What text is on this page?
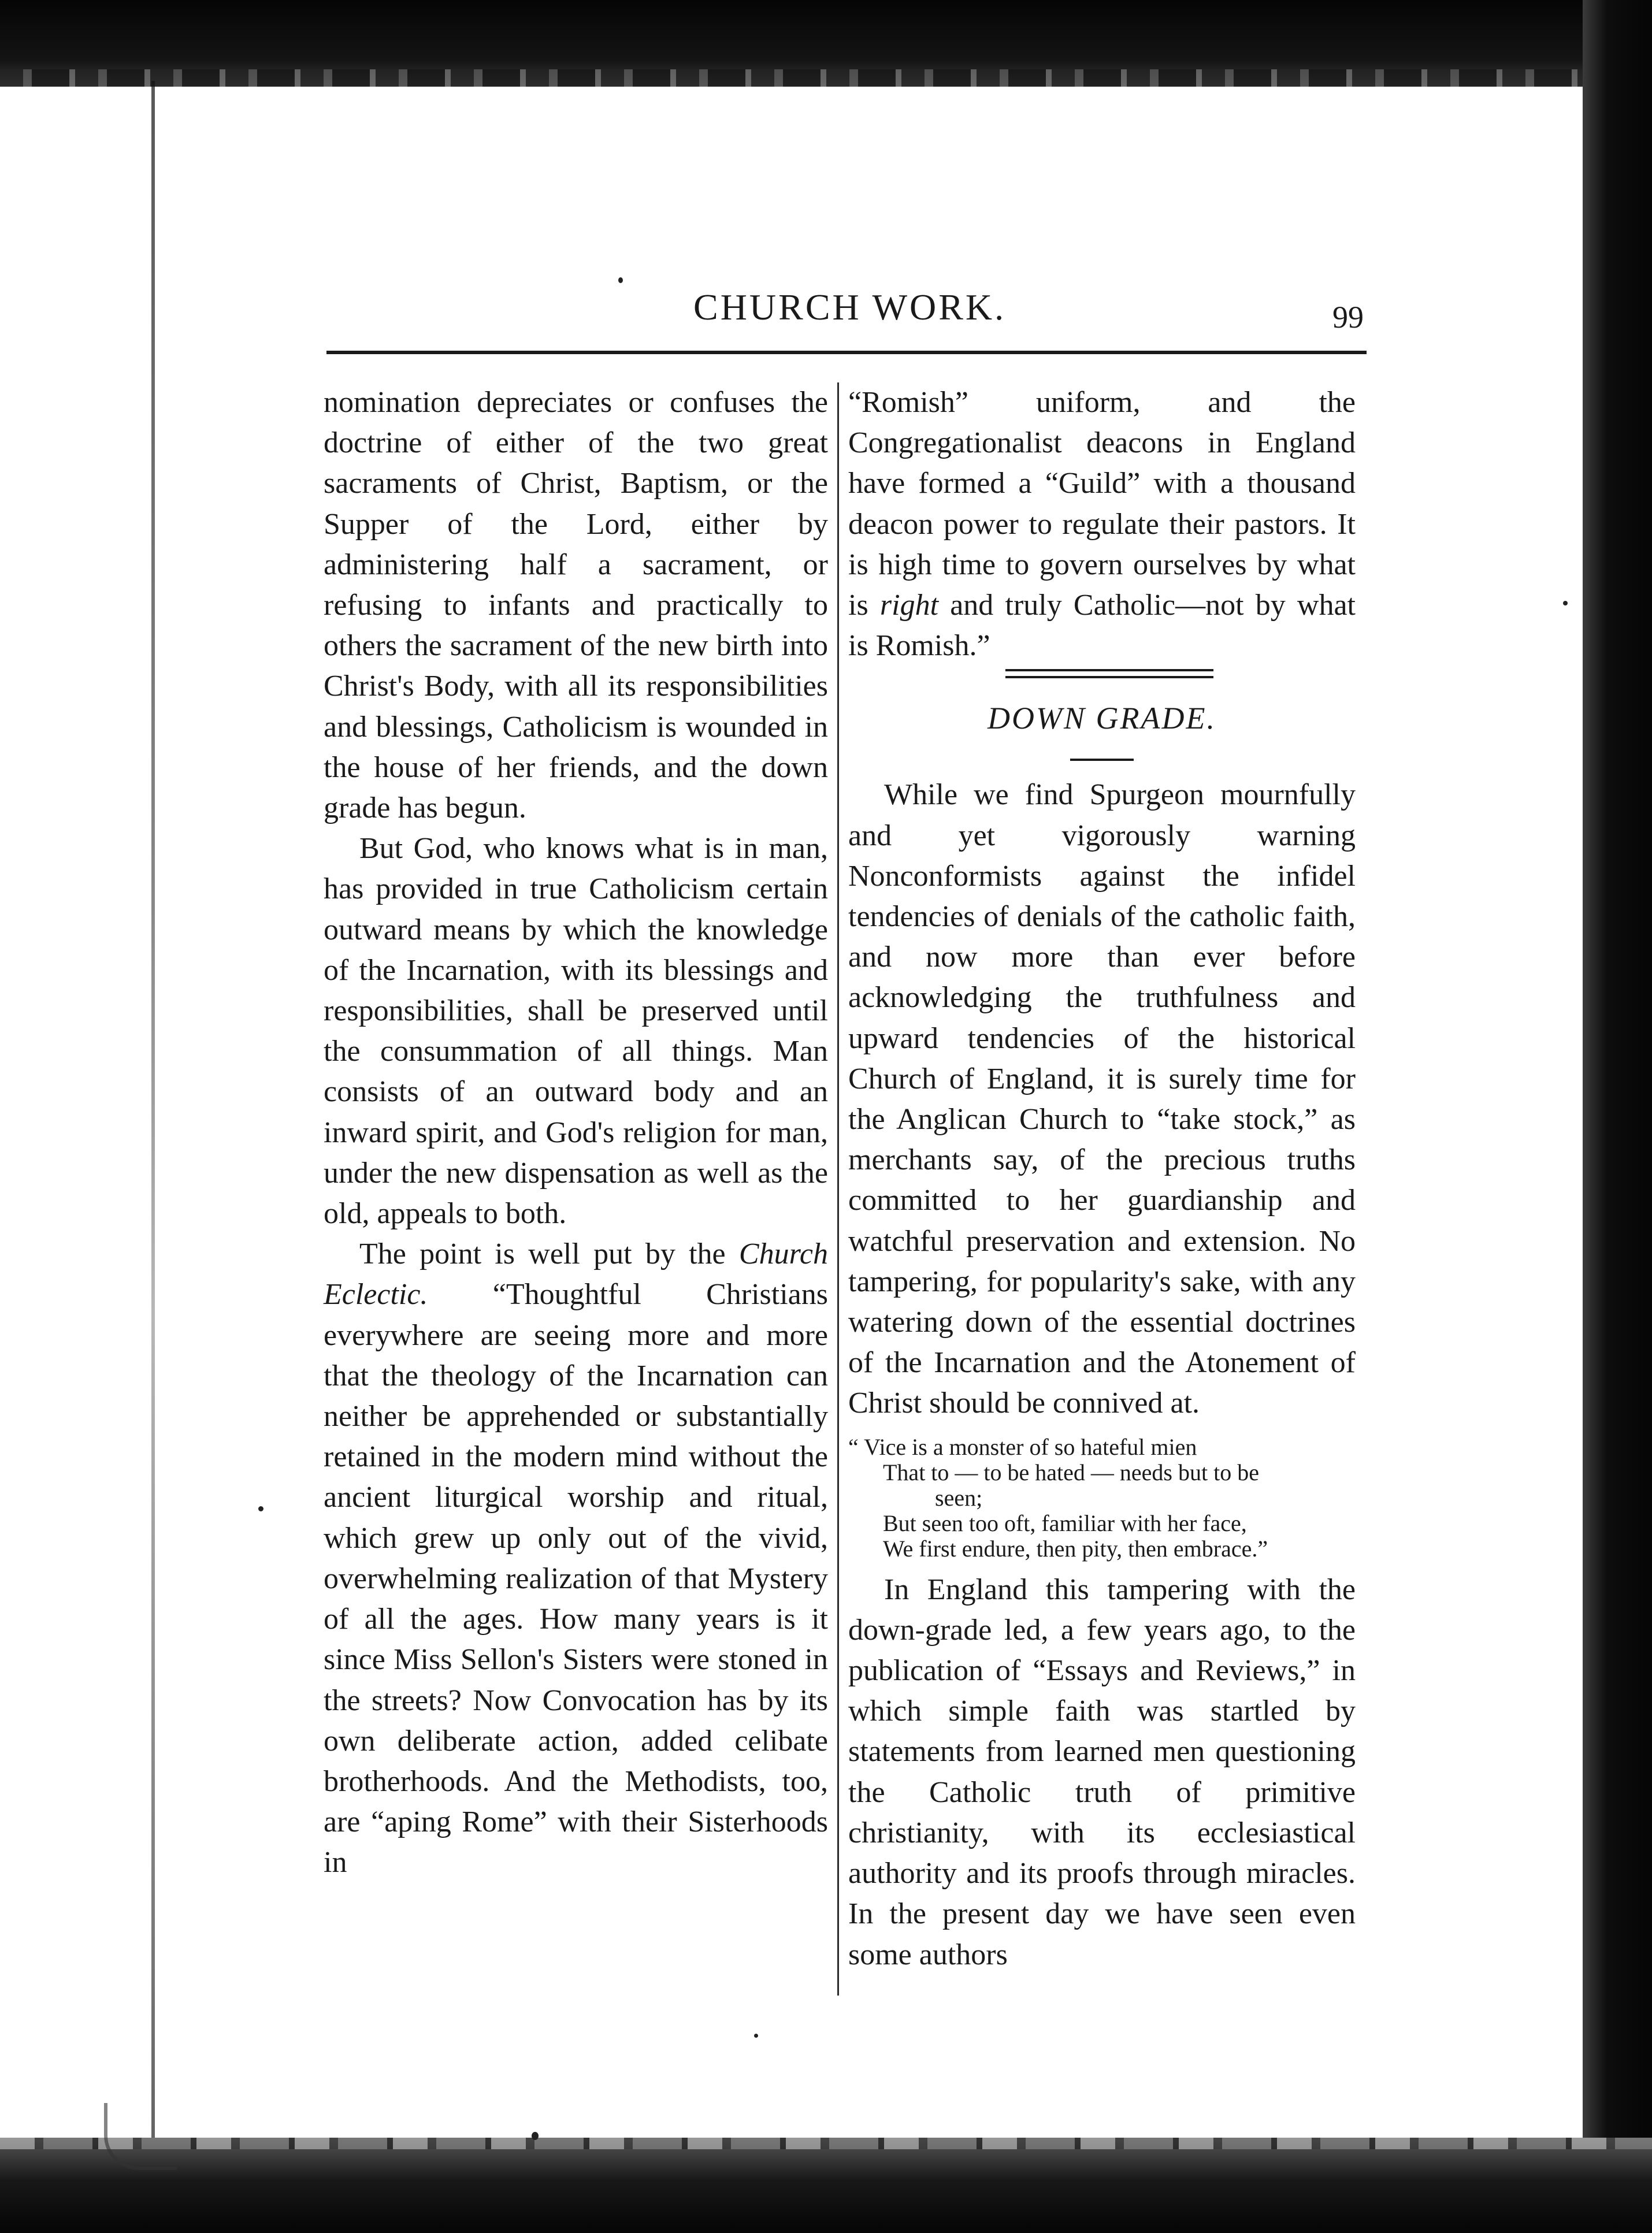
CHURCH WORK.	99

nomination depreciates or confuses the doctrine of either of the two great sacraments of Christ, Baptism, or the Supper of the Lord, either by administering half a sacrament, or refusing to infants and practically to others the sacrament of the new birth into Christ's Body, with all its responsibilities and blessings, Catholicism is wounded in the house of her friends, and the down grade has begun.

But God, who knows what is in man, has provided in true Catholicism certain outward means by which the knowledge of the Incarnation, with its blessings and responsibilities, shall be preserved until the consummation of all things. Man consists of an outward body and an inward spirit, and God's religion for man, under the new dispensation as well as the old, appeals to both.

The point is well put by the Church Eclectic. “Thoughtful Christians everywhere are seeing more and more that the theology of the Incarnation can neither be apprehended or substantially retained in the modern mind without the ancient liturgical worship and ritual, which grew up only out of the vivid, overwhelming realization of that Mystery of all the ages. How many years is it since Miss Sellon's Sisters were stoned in the streets? Now Convocation has by its own deliberate action, added celibate brotherhoods. And the Methodists, too, are “aping Rome” with their Sisterhoods in

“Romish” uniform, and the Congregationalist deacons in England have formed a “Guild” with a thousand deacon power to regulate their pastors. It is high time to govern ourselves by what is right and truly Catholic—not by what is Romish.”

DOWN GRADE.

While we find Spurgeon mournfully and yet vigorously warning Nonconformists against the infidel tendencies of denials of the catholic faith, and now more than ever before acknowledging the truthfulness and upward tendencies of the historical Church of England, it is surely time for the Anglican Church to “take stock,” as merchants say, of the precious truths committed to her guardianship and watchful preservation and extension. No tampering, for popularity's sake, with any watering down of the essential doctrines of the Incarnation and the Atonement of Christ should be connived at.

“ Vice is a monster of so hateful mien
That to — to be hated — needs but to be
seen;
But seen too oft, familiar with her face,
We first endure, then pity, then embrace.”

In England this tampering with the down-grade led, a few years ago, to the publication of “Essays and Reviews,” in which simple faith was startled by statements from learned men questioning the Catholic truth of primitive christianity, with its ecclesiastical authority and its proofs through miracles. In the present day we have seen even some authors
